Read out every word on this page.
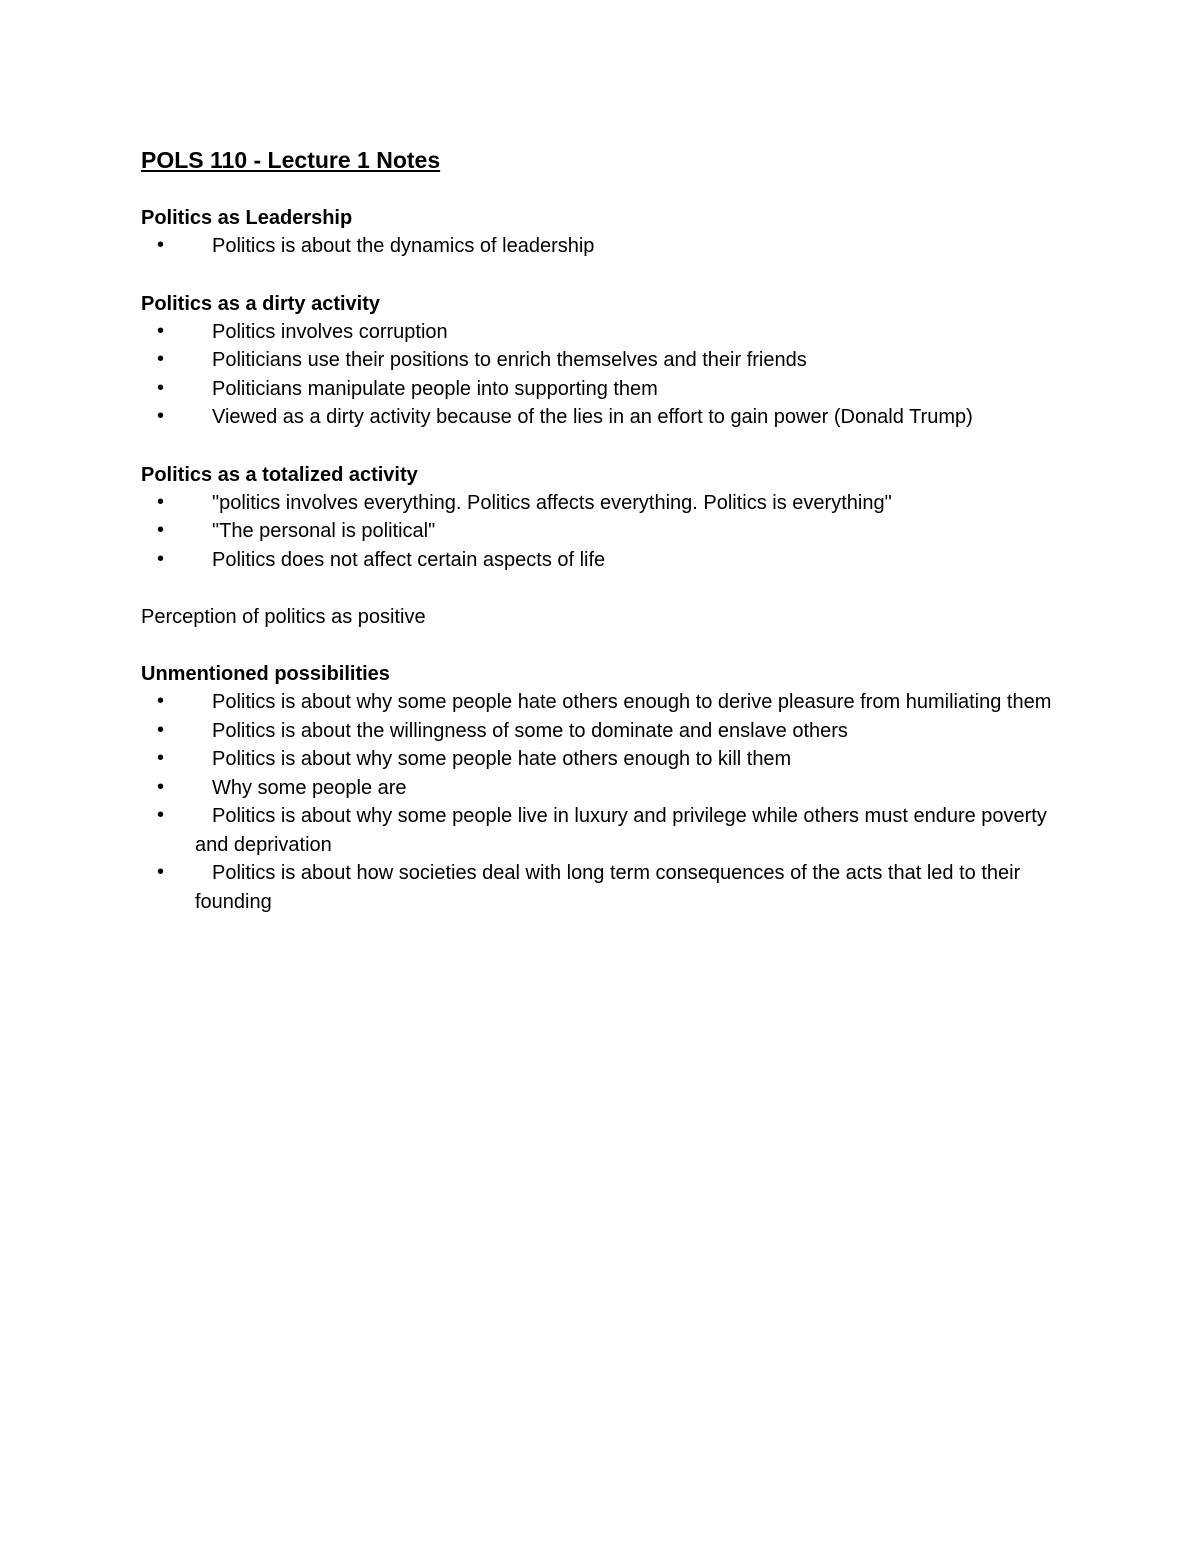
POLS 110 - Lecture 1 Notes
Politics as Leadership
• Politics is about the dynamics of leadership
Politics as a dirty activity
• Politics involves corruption
• Politicians use their positions to enrich themselves and their friends
• Politicians manipulate people into supporting them
• Viewed as a dirty activity because of the lies in an effort to gain power (Donald Trump)
Politics as a totalized activity
• "politics involves everything. Politics affects everything. Politics is everything"
• "The personal is political"
• Politics does not affect certain aspects of life
Perception of politics as positive
Unmentioned possibilities
• Politics is about why some people hate others enough to derive pleasure from humiliating them
• Politics is about the willingness of some to dominate and enslave others
• Politics is about why some people hate others enough to kill them
• Why some people are
• Politics is about why some people live in luxury and privilege while others must endure poverty and deprivation
• Politics is about how societies deal with long term consequences of the acts that led to their founding
